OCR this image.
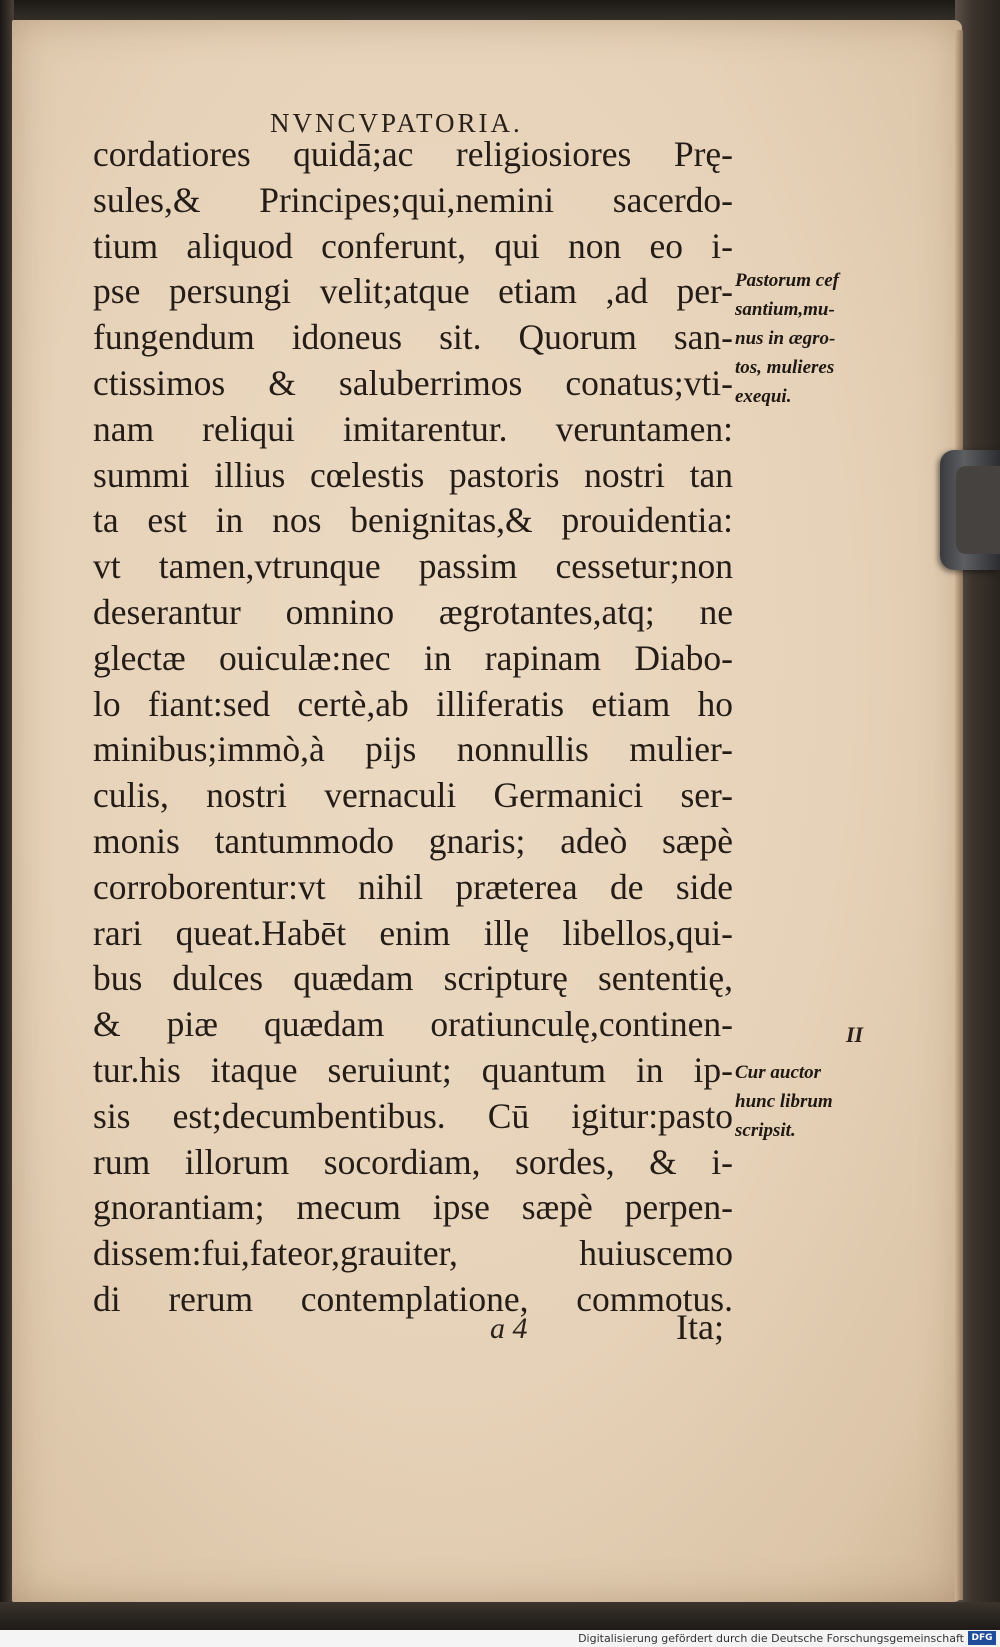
NVNCVPATORIA.
cordatiores quidā;ac religiosiores Prę-
sules,& Principes;qui,nemini sacerdo-
tium aliquod conferunt, qui non eo i-
pse persungi velit;atque etiam ,ad per-
fungendum idoneus sit. Quorum san-
ctissimos & saluberrimos conatus;vti-
nam reliqui imitarentur. veruntamen:
summi illius cœlestis pastoris nostri tan
ta est in nos benignitas,& prouidentia:
vt tamen,vtrunque passim cessetur;non
deserantur omnino ægrotantes,atq; ne
glectæ ouiculæ:nec in rapinam Diabo-
lo fiant:sed certè,ab illiferatis etiam ho
minibus;immò,à pijs nonnullis mulier-
culis, nostri vernaculi Germanici ser-
monis tantummodo gnaris; adeò sæpè
corroborentur:vt nihil prӕterea de side
rari queat.Habēt enim illę libellos,qui-
bus dulces quædam scripturę sententię,
& piæ quædam oratiunculę,continen-
tur.his itaque seruiunt; quantum in ip-
sis est;decumbentibus. Cū igitur:pasto
rum illorum socordiam, sordes, & i-
gnorantiam; mecum ipse sæpè perpen-
dissem:fui,fateor,grauiter, huiuscemo
di rerum contemplatione, commotus.
Pastorum cef
santium,mu-
nus in ægro-
tos, mulieres
exequi.
II
Cur auctor
hunc librum
scripsit.
a 4	Ita;
Digitalisierung gefördert durch die Deutsche Forschungsgemeinschaft DFG
